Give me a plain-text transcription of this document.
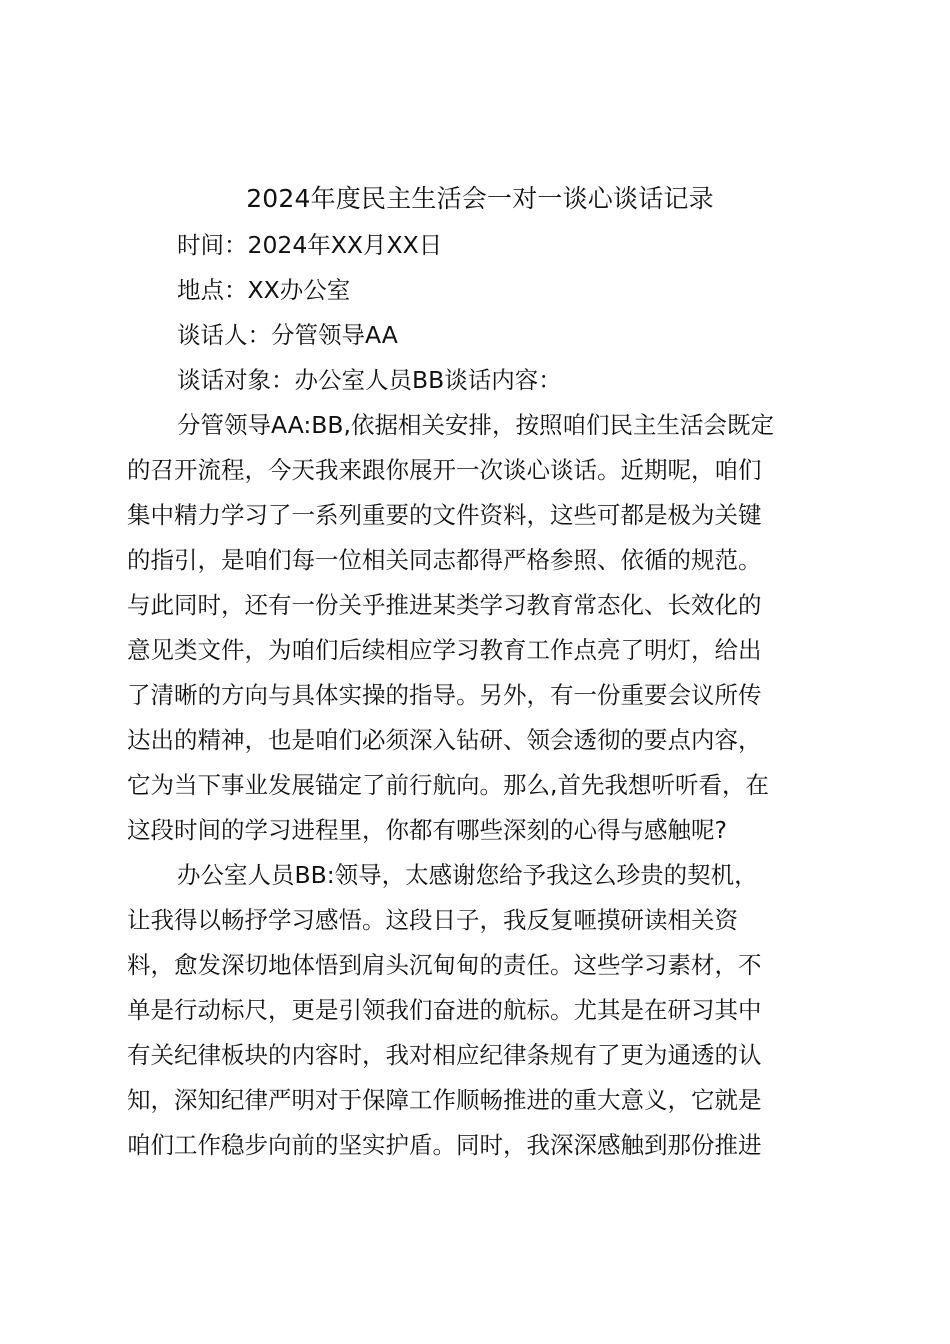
2024年度民主生活会一对一谈心谈话记录

时间：2024年XX月XX日

地点：XX办公室

谈话人：分管领导AA

谈话对象：办公室人员BB谈话内容：

分管领导AA:BB,依据相关安排，按照咱们民主生活会既定
的召开流程，今天我来跟你展开一次谈心谈话。近期呢，咱们
集中精力学习了一系列重要的文件资料，这些可都是极为关键
的指引，是咱们每一位相关同志都得严格参照、依循的规范。
与此同时，还有一份关乎推进某类学习教育常态化、长效化的
意见类文件，为咱们后续相应学习教育工作点亮了明灯，给出
了清晰的方向与具体实操的指导。另外，有一份重要会议所传
达出的精神，也是咱们必须深入钻研、领会透彻的要点内容，
它为当下事业发展锚定了前行航向。那么,首先我想听听看，在
这段时间的学习进程里，你都有哪些深刻的心得与感触呢?

办公室人员BB:领导，太感谢您给予我这么珍贵的契机，
让我得以畅抒学习感悟。这段日子，我反复咂摸研读相关资
料，愈发深切地体悟到肩头沉甸甸的责任。这些学习素材，不
单是行动标尺，更是引领我们奋进的航标。尤其是在研习其中
有关纪律板块的内容时，我对相应纪律条规有了更为通透的认
知，深知纪律严明对于保障工作顺畅推进的重大意义，它就是
咱们工作稳步向前的坚实护盾。同时，我深深感触到那份推进
